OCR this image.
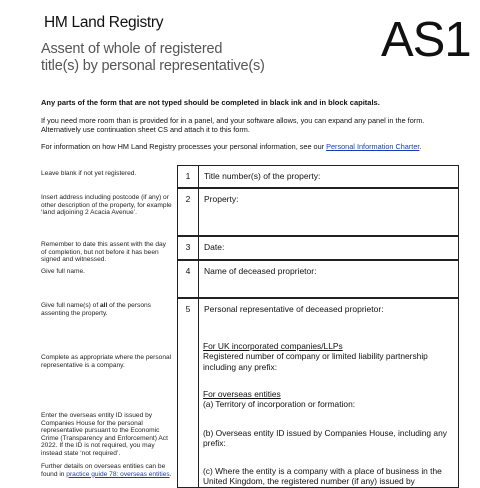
HM Land Registry
Assent of whole of registered
title(s) by personal representative(s) AS1
Any parts of the form that are not typed should be completed in black ink and in block capitals.
If you need more room than is provided for in a panel, and your software allows, you can expand any panel in the form. Alternatively use continuation sheet CS and attach it to this form.
For information on how HM Land Registry processes your personal information, see our Personal Information Charter.
Leave blank if not yet registered.
Insert address including postcode (if any) or other description of the property, for example ‘land adjoining 2 Acacia Avenue’.
Remember to date this assent with the day of completion, but not before it has been signed and witnessed.
Give full name.
Give full name(s) of all of the persons assenting the property.
Complete as appropriate where the personal representative is a company.
Enter the overseas entity ID issued by Companies House for the personal representative pursuant to the Economic Crime (Transparency and Enforcement) Act 2022. If the ID is not required, you may instead state ‘not required’.
Further details on overseas entities can be found in practice guide 78: overseas entities.
1	Title number(s) of the property:
2	Property:
3	Date:
4	Name of deceased proprietor:
5	Personal representative of deceased proprietor:
For UK incorporated companies/LLPs
Registered number of company or limited liability partnership including any prefix:
For overseas entities
(a) Territory of incorporation or formation:
(b) Overseas entity ID issued by Companies House, including any prefix:
(c) Where the entity is a company with a place of business in the United Kingdom, the registered number (if any) issued by
